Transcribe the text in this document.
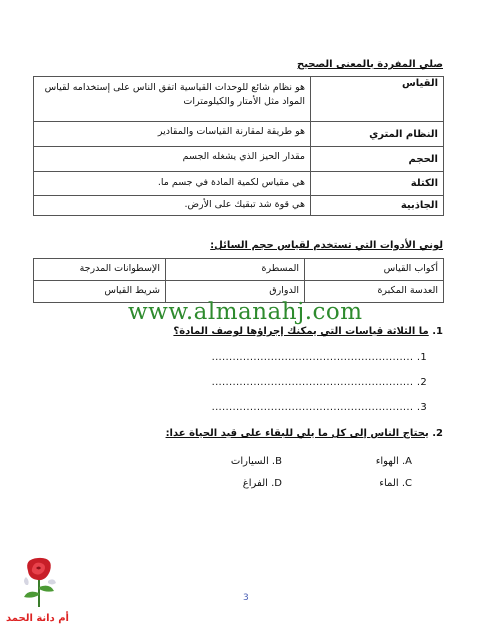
صلي المفردة بالمعنى الصحيح
القياس	هو نظام شائع للوحدات القياسية اتفق الناس على إستخدامه لقياس المواد مثل الأمتار والكيلومترات
النظام المتري	هو طريقة لمقارنة القياسات والمقادير
الحجم	مقدار الحيز الذي يشغله الجسم
الكتلة	هي مقياس لكمية المادة في جسم ما.
الجاذبية	هي قوة شد تبقيك على الأرض.
لوني الأدوات التي تستخدم لقياس حجم السائل:
أكواب القياس	المسطرة	الإسطوانات المدرجة
العدسة المكبرة	الدوارق	شريط القياس
www.almanahj.com
1. ما الثلاثة قياسات التي يمكنك إجراؤها لوصف المادة؟
1. ..........................................................
2. ..........................................................
3. ..........................................................
2. يحتاج الناس إلى كل ما يلي للبقاء على قيد الحياة عدا:
A. الهواء
B. السيارات
C. الماء
D. الفراغ
3
أم دانة الحمد
